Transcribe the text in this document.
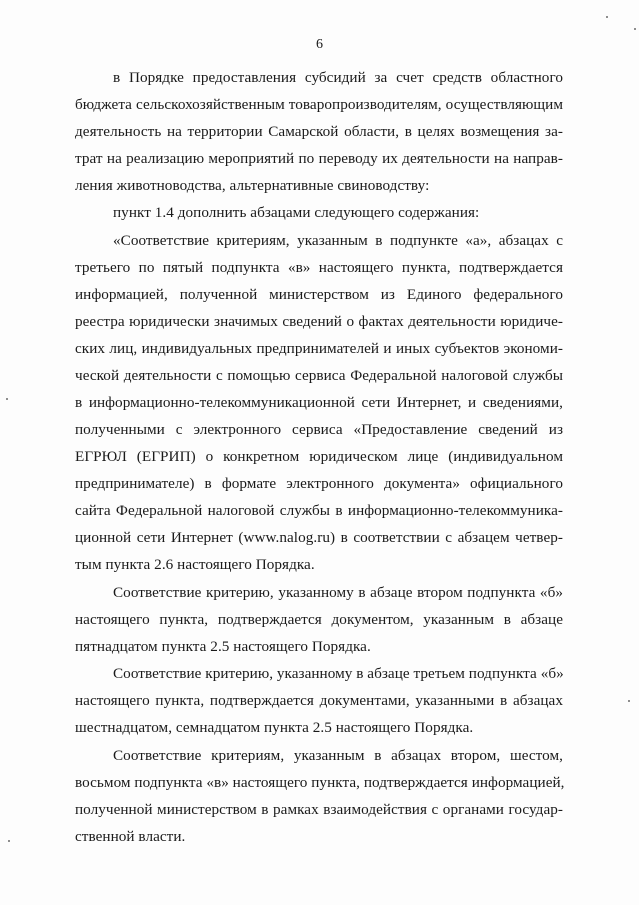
6
в Порядке предоставления субсидий за счет средств областного
бюджета сельскохозяйственным товаропроизводителям, осуществляющим
деятельность на территории Самарской области, в целях возмещения за-
трат на реализацию мероприятий по переводу их деятельности на направ-
ления животноводства, альтернативные свиноводству:
пункт 1.4 дополнить абзацами следующего содержания:
«Соответствие критериям, указанным в подпункте «а», абзацах с
третьего по пятый подпункта «в» настоящего пункта, подтверждается
информацией, полученной министерством из Единого федерального
реестра юридически значимых сведений о фактах деятельности юридиче-
ских лиц, индивидуальных предпринимателей и иных субъектов экономи-
ческой деятельности с помощью сервиса Федеральной налоговой службы
в информационно-телекоммуникационной сети Интернет, и сведениями,
полученными с электронного сервиса «Предоставление сведений из
ЕГРЮЛ (ЕГРИП) о конкретном юридическом лице (индивидуальном
предпринимателе) в формате электронного документа» официального
сайта Федеральной налоговой службы в информационно-телекоммуника-
ционной сети Интернет (www.nalog.ru) в соответствии с абзацем четвер-
тым пункта 2.6 настоящего Порядка.
Соответствие критерию, указанному в абзаце втором подпункта «б»
настоящего пункта, подтверждается документом, указанным в абзаце
пятнадцатом пункта 2.5 настоящего Порядка.
Соответствие критерию, указанному в абзаце третьем подпункта «б»
настоящего пункта, подтверждается документами, указанными в абзацах
шестнадцатом, семнадцатом пункта 2.5 настоящего Порядка.
Соответствие критериям, указанным в абзацах втором, шестом,
восьмом подпункта «в» настоящего пункта, подтверждается информацией,
полученной министерством в рамках взаимодействия с органами государ-
ственной власти.
